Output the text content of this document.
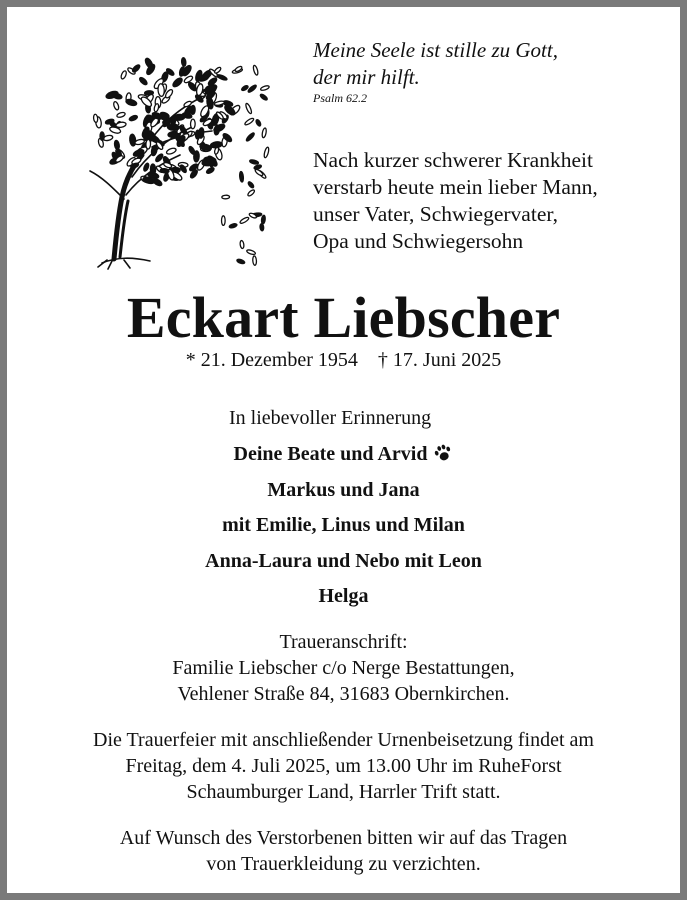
Meine Seele ist stille zu Gott,
der mir hilft.
Psalm 62.2
Nach kurzer schwerer Krankheit
verstarb heute mein lieber Mann,
unser Vater, Schwiegervater,
Opa und Schwiegersohn
Eckart Liebscher
* 21. Dezember 1954 † 17. Juni 2025
In liebevoller Erinnerung
Deine Beate und Arvid
Markus und Jana
mit Emilie, Linus und Milan
Anna-Laura und Nebo mit Leon
Helga
Traueranschrift:
Familie Liebscher c/o Nerge Bestattungen,
Vehlener Straße 84, 31683 Obernkirchen.
Die Trauerfeier mit anschließender Urnenbeisetzung findet am
Freitag, dem 4. Juli 2025, um 13.00 Uhr im RuheForst
Schaumburger Land, Harrler Trift statt.
Auf Wunsch des Verstorbenen bitten wir auf das Tragen
von Trauerkleidung zu verzichten.
